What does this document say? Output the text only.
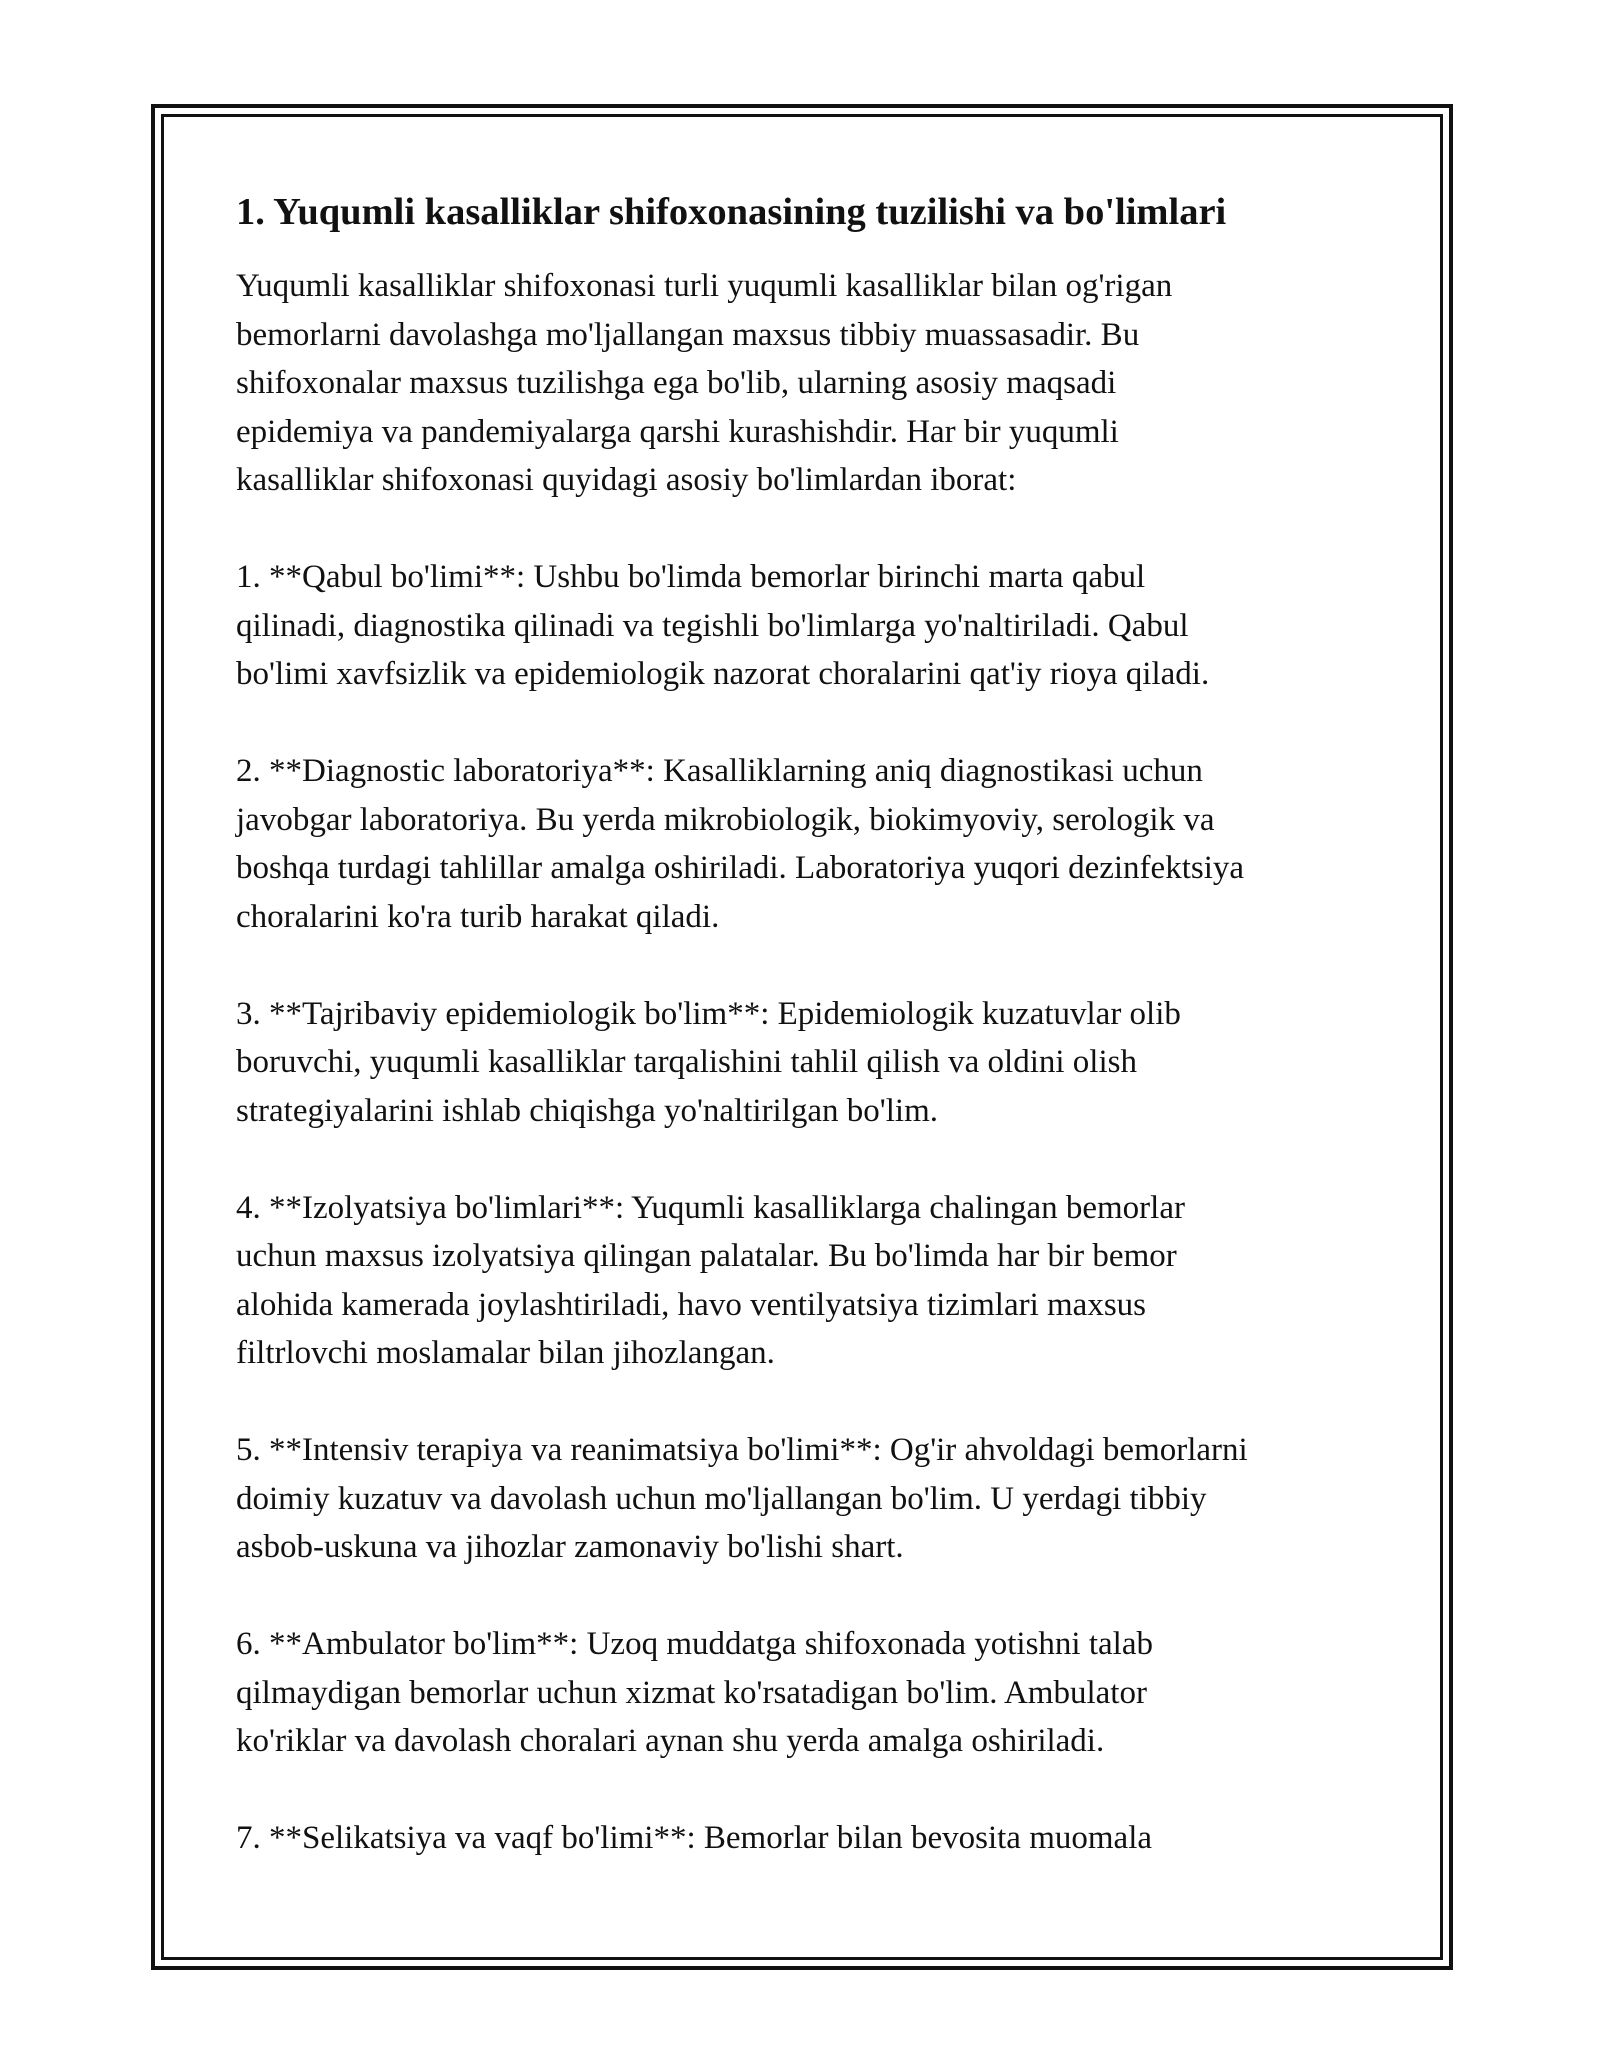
1. Yuqumli kasalliklar shifoxonasining tuzilishi va bo'limlari
Yuqumli kasalliklar shifoxonasi turli yuqumli kasalliklar bilan og'rigan
bemorlarni davolashga mo'ljallangan maxsus tibbiy muassasadir. Bu
shifoxonalar maxsus tuzilishga ega bo'lib, ularning asosiy maqsadi
epidemiya va pandemiyalarga qarshi kurashishdir. Har bir yuqumli
kasalliklar shifoxonasi quyidagi asosiy bo'limlardan iborat:
1. **Qabul bo'limi**: Ushbu bo'limda bemorlar birinchi marta qabul
qilinadi, diagnostika qilinadi va tegishli bo'limlarga yo'naltiriladi. Qabul
bo'limi xavfsizlik va epidemiologik nazorat choralarini qat'iy rioya qiladi.
2. **Diagnostic laboratoriya**: Kasalliklarning aniq diagnostikasi uchun
javobgar laboratoriya. Bu yerda mikrobiologik, biokimyoviy, serologik va
boshqa turdagi tahlillar amalga oshiriladi. Laboratoriya yuqori dezinfektsiya
choralarini ko'ra turib harakat qiladi.
3. **Tajribaviy epidemiologik bo'lim**: Epidemiologik kuzatuvlar olib
boruvchi, yuqumli kasalliklar tarqalishini tahlil qilish va oldini olish
strategiyalarini ishlab chiqishga yo'naltirilgan bo'lim.
4. **Izolyatsiya bo'limlari**: Yuqumli kasalliklarga chalingan bemorlar
uchun maxsus izolyatsiya qilingan palatalar. Bu bo'limda har bir bemor
alohida kamerada joylashtiriladi, havo ventilyatsiya tizimlari maxsus
filtrlovchi moslamalar bilan jihozlangan.
5. **Intensiv terapiya va reanimatsiya bo'limi**: Og'ir ahvoldagi bemorlarni
doimiy kuzatuv va davolash uchun mo'ljallangan bo'lim. U yerdagi tibbiy
asbob-uskuna va jihozlar zamonaviy bo'lishi shart.
6. **Ambulator bo'lim**: Uzoq muddatga shifoxonada yotishni talab
qilmaydigan bemorlar uchun xizmat ko'rsatadigan bo'lim. Ambulator
ko'riklar va davolash choralari aynan shu yerda amalga oshiriladi.
7. **Selikatsiya va vaqf bo'limi**: Bemorlar bilan bevosita muomala
